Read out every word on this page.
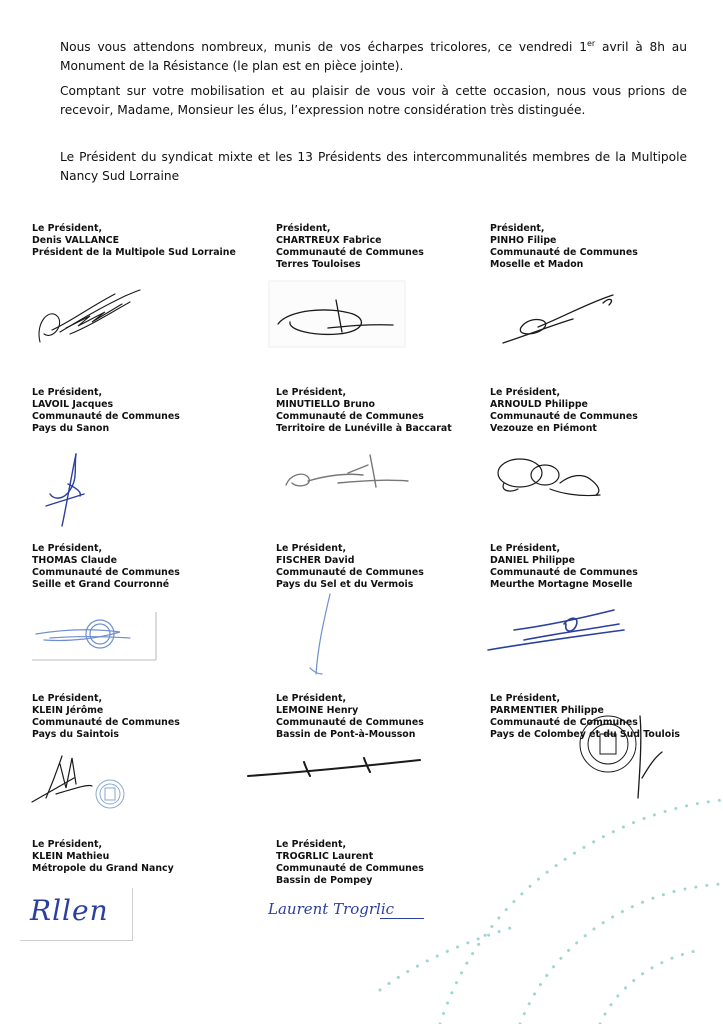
Nous vous attendons nombreux, munis de vos écharpes tricolores, ce vendredi 1er avril à 8h au Monument de la Résistance (le plan est en pièce jointe).

Comptant sur votre mobilisation et au plaisir de vous voir à cette occasion, nous vous prions de recevoir, Madame, Monsieur les élus, l’expression notre considération très distinguée.

Le Président du syndicat mixte et les 13 Présidents des intercommunalités membres de la Multipole Nancy Sud Lorraine

Le Président,
Denis VALLANCE
Président de la Multipole Sud Lorraine
Président,
CHARTREUX Fabrice
Communauté de Communes
Terres Touloises
Président,
PINHO Filipe
Communauté de Communes
Moselle et Madon
Le Président,
LAVOIL Jacques
Communauté de Communes
Pays du Sanon
Le Président,
MINUTIELLO Bruno
Communauté de Communes
Territoire de Lunéville à Baccarat
Le Président,
ARNOULD Philippe
Communauté de Communes
Vezouze en Piémont
Le Président,
THOMAS Claude
Communauté de Communes
Seille et Grand Courronné
Le Président,
FISCHER David
Communauté de Communes
Pays du Sel et du Vermois
Le Président,
DANIEL Philippe
Communauté de Communes
Meurthe Mortagne Moselle
Le Président,
KLEIN Jérôme
Communauté de Communes
Pays du Saintois
Le Président,
LEMOINE Henry
Communauté de Communes
Bassin de Pont-à-Mousson
Le Président,
PARMENTIER Philippe
Communauté de Communes
Pays de Colombey et du Sud Toulois
Le Président,
KLEIN Mathieu
Métropole du Grand Nancy
Le Président,
TROGRLIC Laurent
Communauté de Communes
Bassin de Pompey
Rllen	Laurent Trogrlic
